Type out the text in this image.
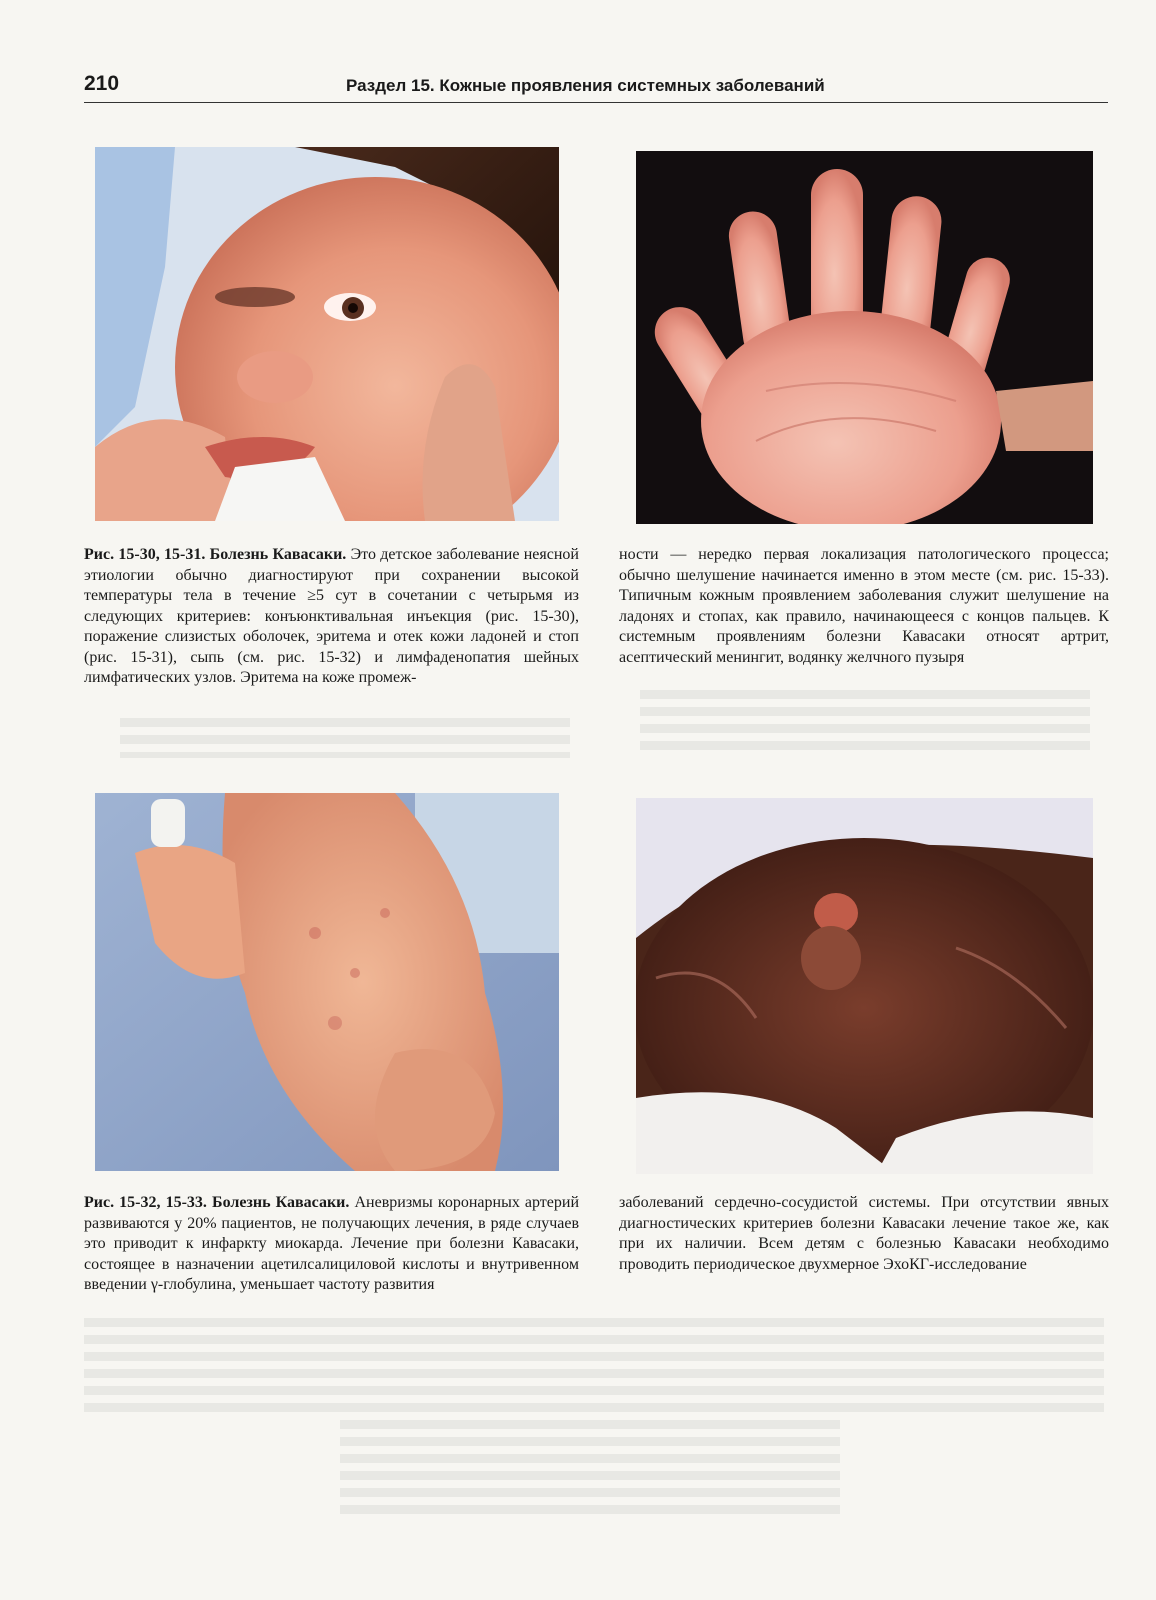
210	Раздел 15. Кожные проявления системных заболеваний

Рис. 15-30, 15-31. Болезнь Кавасаки. Это детское заболевание неясной этиологии обычно диагностируют при сохранении высокой температуры тела в течение ≥5 сут в сочетании с четырьмя из следующих критериев: конъюнктивальная инъекция (рис. 15-30), поражение слизистых оболочек, эритема и отек кожи ладоней и стоп (рис. 15-31), сыпь (см. рис. 15-32) и лимфаденопатия шейных лимфатических узлов. Эритема на коже промеж-

ности — нередко первая локализация патологического процесса; обычно шелушение начинается именно в этом месте (см. рис. 15-33). Типичным кожным проявлением заболевания служит шелушение на ладонях и стопах, как правило, начинающееся с концов пальцев. К системным проявлениям болезни Кавасаки относят артрит, асептический менингит, водянку желчного пузыря

Рис. 15-32, 15-33. Болезнь Кавасаки. Аневризмы коронарных артерий развиваются у 20% пациентов, не получающих лечения, в ряде случаев это приводит к инфаркту миокарда. Лечение при болезни Кавасаки, состоящее в назначении ацетилсалициловой кислоты и внутривенном введении γ-глобулина, уменьшает частоту развития

заболеваний сердечно-сосудистой системы. При отсутствии явных диагностических критериев болезни Кавасаки лечение такое же, как при их наличии. Всем детям с болезнью Кавасаки необходимо проводить периодическое двухмерное ЭхоКГ-исследование
